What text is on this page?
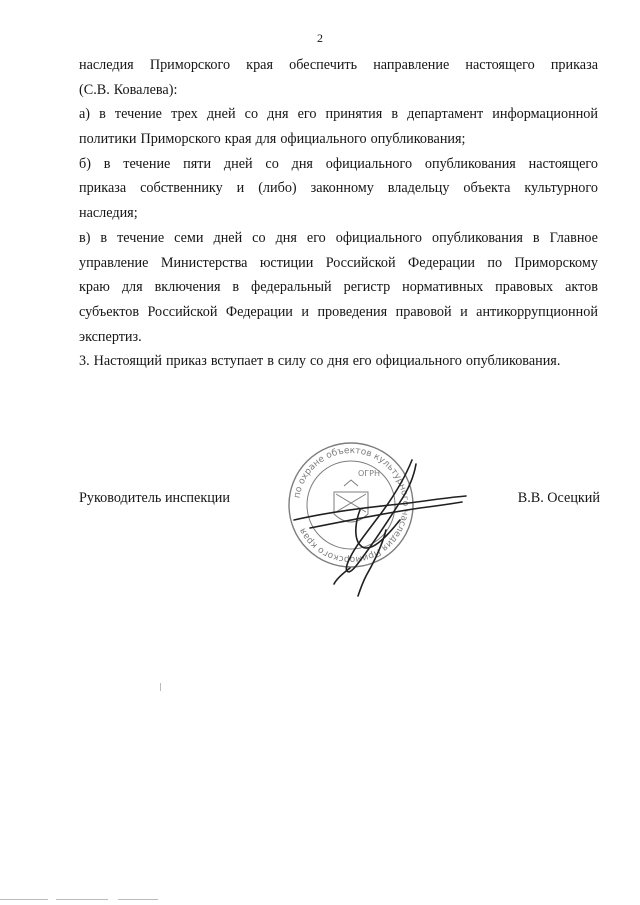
2
наследия Приморского края обеспечить направление настоящего приказа
(С.В. Ковалева):
а) в течение трех дней со дня его принятия в департамент информационной
политики Приморского края для официального опубликования;
б) в течение пяти дней со дня официального опубликования настоящего
приказа собственнику и (либо) законному владельцу объекта культурного
наследия;
в) в течение семи дней со дня его официального опубликования в Главное
управление Министерства юстиции Российской Федерации по Приморскому
краю для включения в федеральный регистр нормативных правовых актов
субъектов Российской Федерации и проведения правовой и антикоррупционной
экспертиз.
3. Настоящий приказ вступает в силу со дня его официального опубликования.
по охране объектов культурного наследия Приморского края
ОГРН
Руководитель инспекции	В.В. Осецкий
